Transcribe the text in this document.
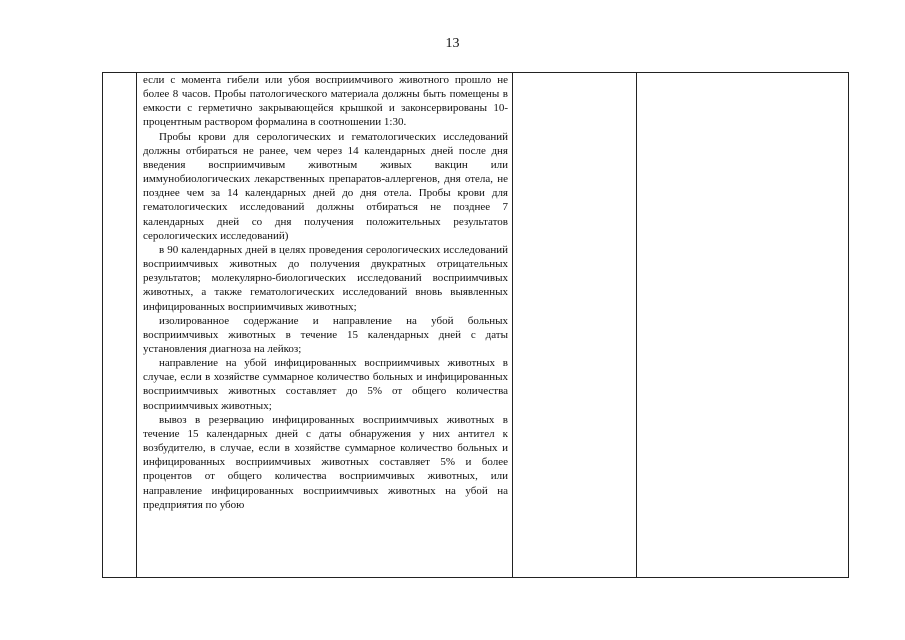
13

если с момента гибели или убоя восприимчивого животного прошло не более 8 часов. Пробы патологического материала должны быть помещены в емкости с герметично закрывающейся крышкой и законсервированы 10-процентным раствором формалина в соотношении 1:30.

Пробы крови для серологических и гематологических исследований должны отбираться не ранее, чем через 14 календарных дней после дня введения восприимчивым животным живых вакцин или иммунобиологических лекарственных препаратов-аллергенов, дня отела, не позднее чем за 14 календарных дней до дня отела. Пробы крови для гематологических исследований должны отбираться не позднее 7 календарных дней со дня получения положительных результатов серологических исследований)

в 90 календарных дней в целях проведения серологических исследований восприимчивых животных до получения двукратных отрицательных результатов; молекулярно-биологических исследований восприимчивых животных, а также гематологических исследований вновь выявленных инфицированных восприимчивых животных;

изолированное содержание и направление на убой больных восприимчивых животных в течение 15 календарных дней с даты установления диагноза на лейкоз;

направление на убой инфицированных восприимчивых животных в случае, если в хозяйстве суммарное количество больных и инфицированных восприимчивых животных составляет до 5% от общего количества восприимчивых животных;

вывоз в резервацию инфицированных восприимчивых животных в течение 15 календарных дней с даты обнаружения у них антител к возбудителю, в случае, если в хозяйстве суммарное количество больных и инфицированных восприимчивых животных составляет 5% и более процентов от общего количества восприимчивых животных, или направление инфицированных восприимчивых животных на убой на предприятия по убою
